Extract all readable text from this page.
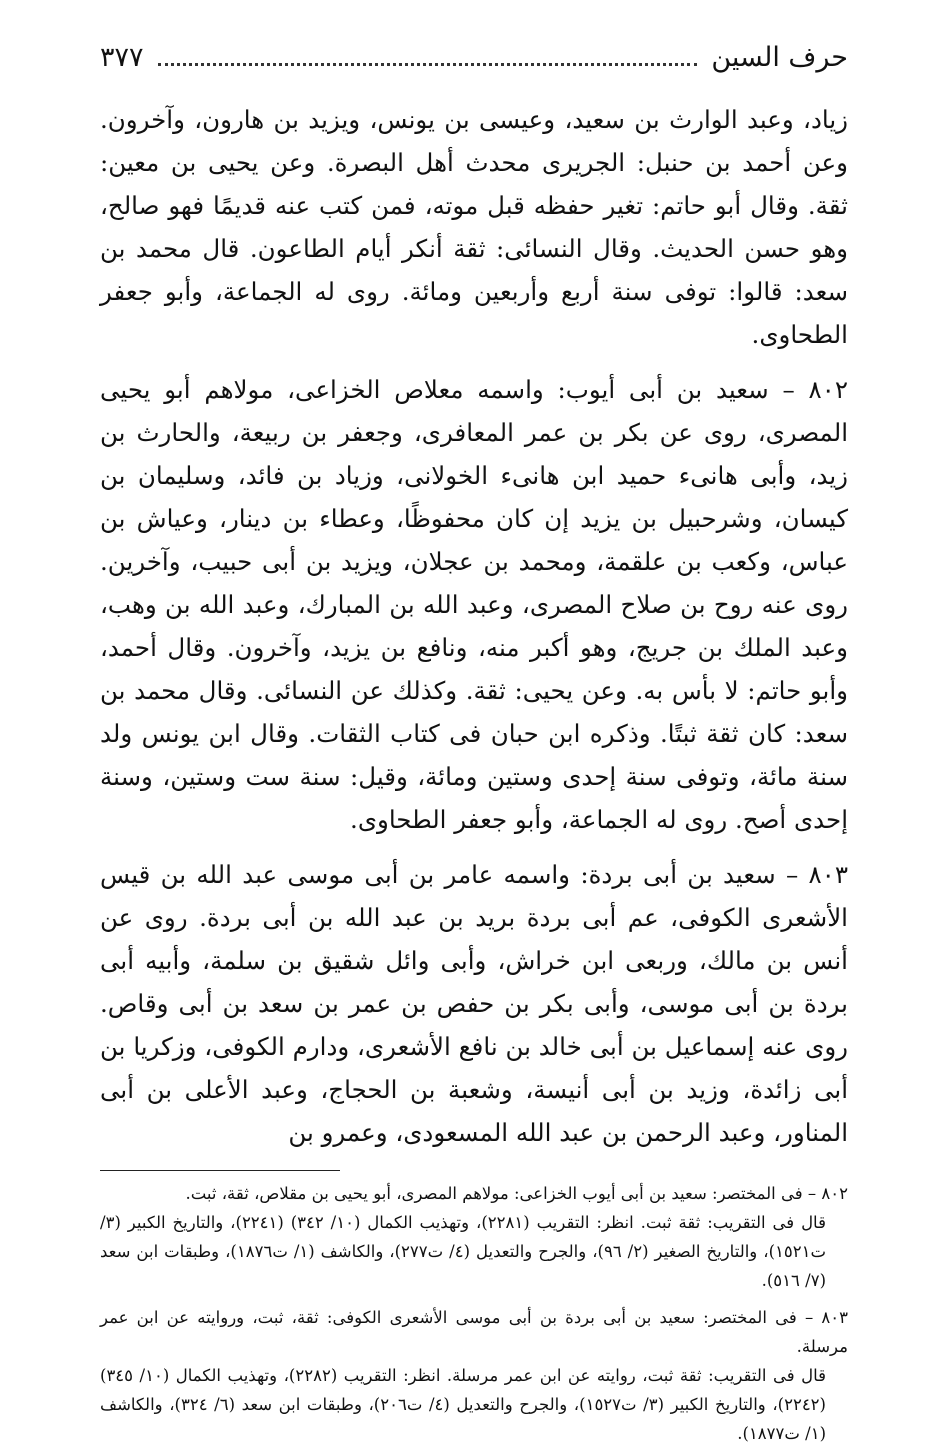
حرف السين
٣٧٧

زياد، وعبد الوارث بن سعيد، وعيسى بن يونس، ويزيد بن هارون، وآخرون. وعن أحمد بن حنبل: الجريرى محدث أهل البصرة. وعن يحيى بن معين: ثقة. وقال أبو حاتم: تغير حفظه قبل موته، فمن كتب عنه قديمًا فهو صالح، وهو حسن الحديث. وقال النسائى: ثقة أنكر أيام الطاعون. قال محمد بن سعد: قالوا: توفى سنة أربع وأربعين ومائة. روى له الجماعة، وأبو جعفر الطحاوى.

٨٠٢ – سعيد بن أبى أيوب: واسمه معلاص الخزاعى، مولاهم أبو يحيى المصرى، روى عن بكر بن عمر المعافرى، وجعفر بن ربيعة، والحارث بن زيد، وأبى هانىء حميد ابن هانىء الخولانى، وزياد بن فائد، وسليمان بن كيسان، وشرحبيل بن يزيد إن كان محفوظًا، وعطاء بن دينار، وعياش بن عباس، وكعب بن علقمة، ومحمد بن عجلان، ويزيد بن أبى حبيب، وآخرين. روى عنه روح بن صلاح المصرى، وعبد الله بن المبارك، وعبد الله بن وهب، وعبد الملك بن جريج، وهو أكبر منه، ونافع بن يزيد، وآخرون. وقال أحمد، وأبو حاتم: لا بأس به. وعن يحيى: ثقة. وكذلك عن النسائى. وقال محمد بن سعد: كان ثقة ثبتًا. وذكره ابن حبان فى كتاب الثقات. وقال ابن يونس ولد سنة مائة، وتوفى سنة إحدى وستين ومائة، وقيل: سنة ست وستين، وسنة إحدى أصح. روى له الجماعة، وأبو جعفر الطحاوى.

٨٠٣ – سعيد بن أبى بردة: واسمه عامر بن أبى موسى عبد الله بن قيس الأشعرى الكوفى، عم أبى بردة بريد بن عبد الله بن أبى بردة. روى عن أنس بن مالك، وربعى ابن خراش، وأبى وائل شقيق بن سلمة، وأبيه أبى بردة بن أبى موسى، وأبى بكر بن حفص بن عمر بن سعد بن أبى وقاص. روى عنه إسماعيل بن أبى خالد بن نافع الأشعرى، ودارم الكوفى، وزكريا بن أبى زائدة، وزيد بن أبى أنيسة، وشعبة بن الحجاج، وعبد الأعلى بن أبى المناور، وعبد الرحمن بن عبد الله المسعودى، وعمرو بن

٨٠٢ – فى المختصر: سعيد بن أبى أيوب الخزاعى: مولاهم المصرى، أبو يحيى بن مقلاص، ثقة، ثبت.

قال فى التقريب: ثقة ثبت. انظر: التقريب (٢٢٨١)، وتهذيب الكمال (١٠/ ٣٤٢) (٢٢٤١)، والتاريخ الكبير (٣/ ت١٥٢١)، والتاريخ الصغير (٢/ ٩٦)، والجرح والتعديل (٤/ ت٢٧٧)، والكاشف (١/ ت١٨٧٦)، وطبقات ابن سعد (٧/ ٥١٦).

٨٠٣ – فى المختصر: سعيد بن أبى بردة بن أبى موسى الأشعرى الكوفى: ثقة، ثبت، وروايته عن ابن عمر مرسلة.

قال فى التقريب: ثقة ثبت، روايته عن ابن عمر مرسلة. انظر: التقريب (٢٢٨٢)، وتهذيب الكمال (١٠/ ٣٤٥) (٢٢٤٢)، والتاريخ الكبير (٣/ ت١٥٢٧)، والجرح والتعديل (٤/ ت٢٠٦)، وطبقات ابن سعد (٦/ ٣٢٤)، والكاشف (١/ ت١٨٧٧).
